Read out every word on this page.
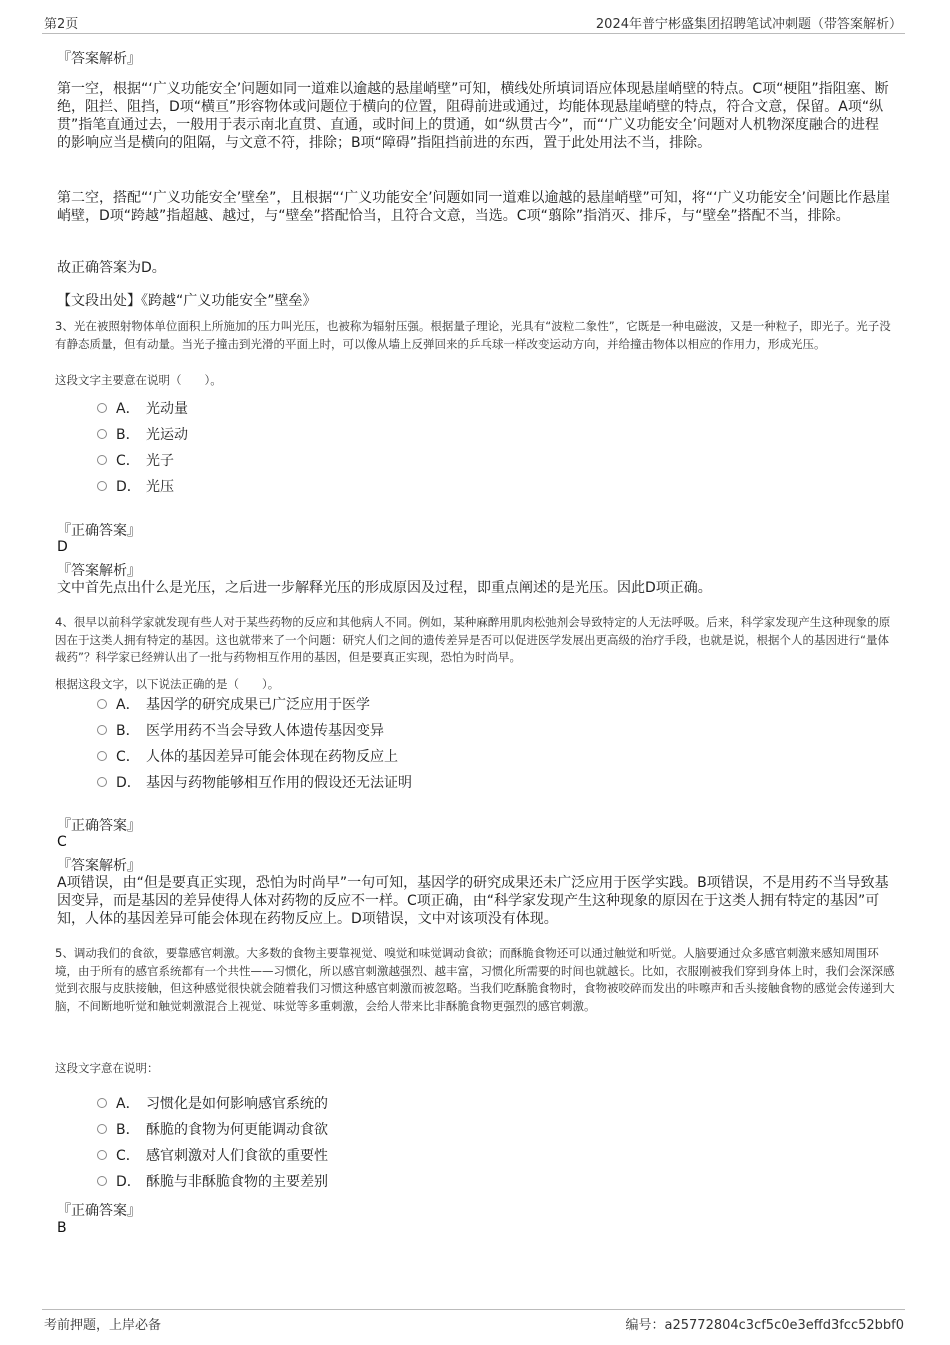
第2页	2024年普宁彬盛集团招聘笔试冲刺题（带答案解析）
『答案解析』
第一空，根据“‘广义功能安全’问题如同一道难以逾越的悬崖峭壁”可知，横线处所填词语应体现悬崖峭壁的特点。C项“梗阻”指阻塞、断绝，阻拦、阻挡，D项“横亘”形容物体或问题位于横向的位置，阻碍前进或通过，均能体现悬崖峭壁的特点，符合文意，保留。A项“纵贯”指笔直通过去，一般用于表示南北直贯、直通，或时间上的贯通，如“纵贯古今”，而“‘广义功能安全’问题对人机物深度融合的进程的影响应当是横向的阻隔，与文意不符，排除；B项“障碍”指阻挡前进的东西，置于此处用法不当，排除。
第二空，搭配“‘广义功能安全’壁垒”，且根据“‘广义功能安全’问题如同一道难以逾越的悬崖峭壁”可知，将“‘广义功能安全’问题比作悬崖峭壁，D项“跨越”指超越、越过，与“壁垒”搭配恰当，且符合文意，当选。C项“翦除”指消灭、排斥，与“壁垒”搭配不当，排除。
故正确答案为D。
【文段出处】《跨越“广义功能安全”壁垒》
3、光在被照射物体单位面积上所施加的压力叫光压，也被称为辐射压强。根据量子理论，光具有“波粒二象性”，它既是一种电磁波，又是一种粒子，即光子。光子没有静态质量，但有动量。当光子撞击到光滑的平面上时，可以像从墙上反弹回来的乒乓球一样改变运动方向，并给撞击物体以相应的作用力，形成光压。
这段文字主要意在说明（　　）。
A． 光动量
B． 光运动
C． 光子
D． 光压
『正确答案』
D
『答案解析』
文中首先点出什么是光压，之后进一步解释光压的形成原因及过程，即重点阐述的是光压。因此D项正确。
4、很早以前科学家就发现有些人对于某些药物的反应和其他病人不同。例如，某种麻醉用肌肉松弛剂会导致特定的人无法呼吸。后来，科学家发现产生这种现象的原因在于这类人拥有特定的基因。这也就带来了一个问题：研究人们之间的遗传差异是否可以促进医学发展出更高级的治疗手段，也就是说，根据个人的基因进行“量体裁药”？科学家已经辨认出了一批与药物相互作用的基因，但是要真正实现，恐怕为时尚早。
根据这段文字，以下说法正确的是（　　）。
A． 基因学的研究成果已广泛应用于医学
B． 医学用药不当会导致人体遗传基因变异
C． 人体的基因差异可能会体现在药物反应上
D． 基因与药物能够相互作用的假设还无法证明
『正确答案』
C
『答案解析』
A项错误，由“但是要真正实现，恐怕为时尚早”一句可知，基因学的研究成果还未广泛应用于医学实践。B项错误，不是用药不当导致基因变异，而是基因的差异使得人体对药物的反应不一样。C项正确，由“科学家发现产生这种现象的原因在于这类人拥有特定的基因”可知，人体的基因差异可能会体现在药物反应上。D项错误，文中对该项没有体现。
5、调动我们的食欲，要靠感官刺激。大多数的食物主要靠视觉、嗅觉和味觉调动食欲；而酥脆食物还可以通过触觉和听觉。人脑要通过众多感官刺激来感知周围环境，由于所有的感官系统都有一个共性——习惯化，所以感官刺激越强烈、越丰富，习惯化所需要的时间也就越长。比如，衣服刚被我们穿到身体上时，我们会深深感觉到衣服与皮肤接触，但这种感觉很快就会随着我们习惯这种感官刺激而被忽略。当我们吃酥脆食物时，食物被咬碎而发出的咔嚓声和舌头接触食物的感觉会传递到大脑，不间断地听觉和触觉刺激混合上视觉、味觉等多重刺激，会给人带来比非酥脆食物更强烈的感官刺激。
这段文字意在说明：
A． 习惯化是如何影响感官系统的
B． 酥脆的食物为何更能调动食欲
C． 感官刺激对人们食欲的重要性
D． 酥脆与非酥脆食物的主要差别
『正确答案』
B
考前押题，上岸必备	编号：a25772804c3cf5c0e3effd3fcc52bbf0
